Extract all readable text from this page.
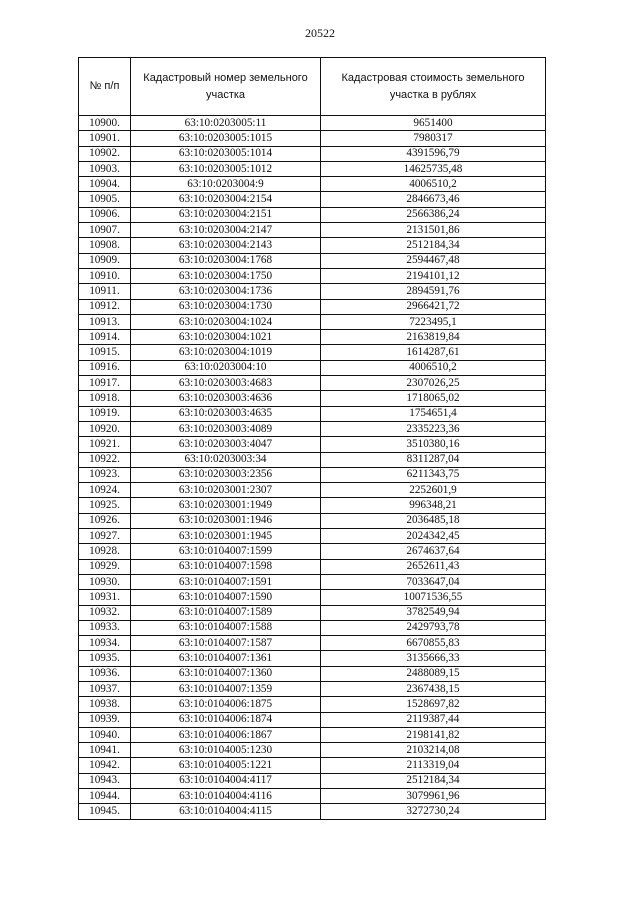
20522
№ п/п	Кадастровый номер земельного участка	Кадастровая стоимость земельного участка в рублях
10900.	63:10:0203005:11	9651400
10901.	63:10:0203005:1015	7980317
10902.	63:10:0203005:1014	4391596,79
10903.	63:10:0203005:1012	14625735,48
10904.	63:10:0203004:9	4006510,2
10905.	63:10:0203004:2154	2846673,46
10906.	63:10:0203004:2151	2566386,24
10907.	63:10:0203004:2147	2131501,86
10908.	63:10:0203004:2143	2512184,34
10909.	63:10:0203004:1768	2594467,48
10910.	63:10:0203004:1750	2194101,12
10911.	63:10:0203004:1736	2894591,76
10912.	63:10:0203004:1730	2966421,72
10913.	63:10:0203004:1024	7223495,1
10914.	63:10:0203004:1021	2163819,84
10915.	63:10:0203004:1019	1614287,61
10916.	63:10:0203004:10	4006510,2
10917.	63:10:0203003:4683	2307026,25
10918.	63:10:0203003:4636	1718065,02
10919.	63:10:0203003:4635	1754651,4
10920.	63:10:0203003:4089	2335223,36
10921.	63:10:0203003:4047	3510380,16
10922.	63:10:0203003:34	8311287,04
10923.	63:10:0203003:2356	6211343,75
10924.	63:10:0203001:2307	2252601,9
10925.	63:10:0203001:1949	996348,21
10926.	63:10:0203001:1946	2036485,18
10927.	63:10:0203001:1945	2024342,45
10928.	63:10:0104007:1599	2674637,64
10929.	63:10:0104007:1598	2652611,43
10930.	63:10:0104007:1591	7033647,04
10931.	63:10:0104007:1590	10071536,55
10932.	63:10:0104007:1589	3782549,94
10933.	63:10:0104007:1588	2429793,78
10934.	63:10:0104007:1587	6670855,83
10935.	63:10:0104007:1361	3135666,33
10936.	63:10:0104007:1360	2488089,15
10937.	63:10:0104007:1359	2367438,15
10938.	63:10:0104006:1875	1528697,82
10939.	63:10:0104006:1874	2119387,44
10940.	63:10:0104006:1867	2198141,82
10941.	63:10:0104005:1230	2103214,08
10942.	63:10:0104005:1221	2113319,04
10943.	63:10:0104004:4117	2512184,34
10944.	63:10:0104004:4116	3079961,96
10945.	63:10:0104004:4115	3272730,24
